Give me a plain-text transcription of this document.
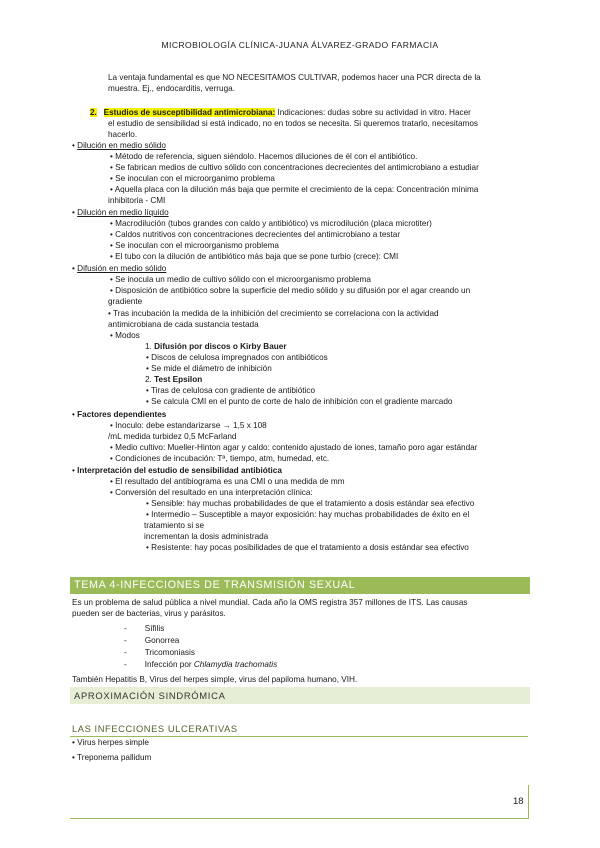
MICROBIOLOGÍA CLÍNICA-JUANA ÁLVAREZ-GRADO FARMACIA
La ventaja fundamental es que NO NECESITAMOS CULTIVAR, podemos hacer una PCR directa de la
muestra. Ej., endocarditis, verruga.
2. Estudios de susceptibilidad antimicrobiana: Indicaciones: dudas sobre su actividad in vitro. Hacer
el estudio de sensibilidad si está indicado, no en todos se necesita. Si queremos tratarlo, necesitamos
hacerlo.
• Dilución en medio sólido
• Método de referencia, siguen siéndolo. Hacemos diluciones de él con el antibiótico.
• Se fabrican medios de cultivo sólido con concentraciones decrecientes del antimicrobiano a estudiar
• Se inoculan con el microorganimo problema
• Aquella placa con la dilución más baja que permite el crecimiento de la cepa: Concentración mínima
inhibitoria - CMI
• Dilución en medio líquido
• Macrodilución (tubos grandes con caldo y antibiótico) vs microdilución (placa microtiter)
• Caldos nutritivos con concentraciones decrecientes del antimicrobiano a testar
• Se inoculan con el microorganismo problema
• El tubo con la dilución de antibiótico más baja que se pone turbio (crece): CMI
• Difusión en medio sólido
• Se inocula un medio de cultivo sólido con el microorganismo problema
• Disposición de antibiótico sobre la superficie del medio sólido y su difusión por el agar creando un
gradiente
• Tras incubación la medida de la inhibición del crecimiento se correlaciona con la actividad
antimicrobiana de cada sustancia testada
• Modos
1. Difusión por discos o Kirby Bauer
• Discos de celulosa impregnados con antibióticos
• Se mide el diámetro de inhibición
2. Test Epsilon
• Tiras de celulosa con gradiente de antibiótico
• Se calcula CMI en el punto de corte de halo de inhibición con el gradiente marcado
• Factores dependientes
• Inoculo: debe estandarizarse → 1,5 x 108
/mL medida turbidez 0,5 McFarland
• Medio cultivo: Mueller-Hinton agar y caldo: contenido ajustado de iones, tamaño poro agar estándar
• Condiciones de incubación: Tª, tiempo, atm, humedad, etc.
• Interpretación del estudio de sensibilidad antibiótica
• El resultado del antibiograma es una CMI o una medida de mm
• Conversión del resultado en una interpretación clínica:
• Sensible: hay muchas probabilidades de que el tratamiento a dosis estándar sea efectivo
• Intermedio – Susceptible a mayor exposición: hay muchas probabilidades de éxito en el
tratamiento si se
incrementan la dosis administrada
• Resistente: hay pocas posibilidades de que el tratamiento a dosis estándar sea efectivo
TEMA 4-INFECCIONES DE TRANSMISIÓN SEXUAL
Es un problema de salud pública a nivel mundial. Cada año la OMS registra 357 millones de ITS. Las causas
pueden ser de bacterias, virus y parásitos.
- Sífilis
- Gonorrea
- Tricomoniasis
- Infección por Chlamydia trachomatis
También Hepatitis B, Virus del herpes simple, virus del papiloma humano, VIH.
APROXIMACIÓN SINDRÓMICA
LAS INFECCIONES ULCERATIVAS
• Virus herpes simple
• Treponema pallidum
18
